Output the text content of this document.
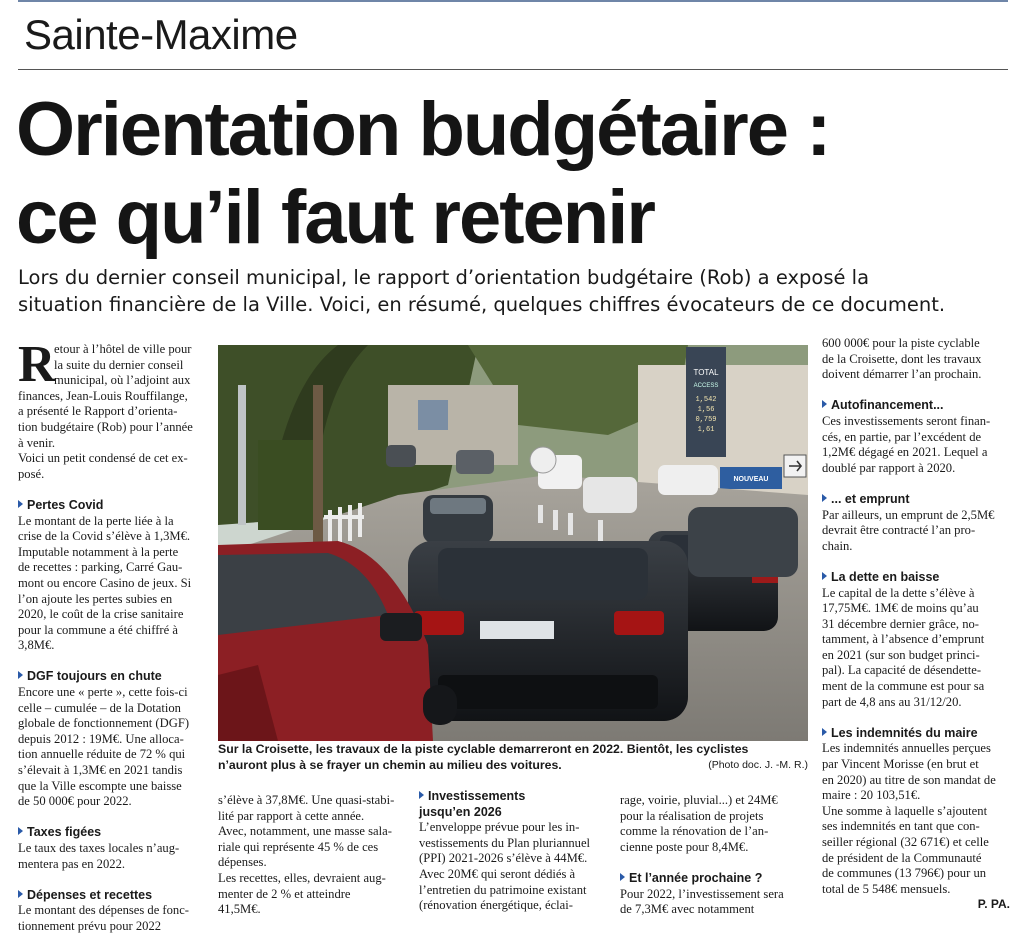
Sainte-Maxime
Orientation budgétaire :
ce qu’il faut retenir

Lors du dernier conseil municipal, le rapport d’orientation budgétaire (Rob) a exposé la
situation financière de la Ville. Voici, en résumé, quelques chiffres évocateurs de ce document.

R
etour à l’hôtel de ville pour
la suite du dernier conseil
municipal, où l’adjoint aux
finances, Jean-Louis Rouffilange,
a présenté le Rapport d’orienta-
tion budgétaire (Rob) pour l’année
à venir.
Voici un petit condensé de cet ex-
posé.
Pertes Covid
Le montant de la perte liée à la
crise de la Covid s’élève à 1,3M€.
Imputable notamment à la perte
de recettes : parking, Carré Gau-
mont ou encore Casino de jeux. Si
l’on ajoute les pertes subies en
2020, le coût de la crise sanitaire
pour la commune a été chiffré à
3,8M€.
DGF toujours en chute
Encore une « perte », cette fois-ci
celle – cumulée – de la Dotation
globale de fonctionnement (DGF)
depuis 2012 : 19M€. Une alloca-
tion annuelle réduite de 72 % qui
s’élevait à 1,3M€ en 2021 tandis
que la Ville escompte une baisse
de 50 000€ pour 2022.
Taxes figées
Le taux des taxes locales n’aug-
mentera pas en 2022.
Dépenses et recettes
Le montant des dépenses de fonc-
tionnement prévu pour 2022
TOTAL
ACCESS
1,542
1,56
0,759
1,61
NOUVEAU
Sur la Croisette, les travaux de la piste cyclable demarreront en 2022. Bientôt, les cyclistes
n’auront plus à se frayer un chemin au milieu des voitures.	(Photo doc. J. -M. R.)
s’élève à 37,8M€. Une quasi-stabi-
lité par rapport à cette année.
Avec, notamment, une masse sala-
riale qui représente 45 % de ces
dépenses.
Les recettes, elles, devraient aug-
menter de 2 % et atteindre
41,5M€.
Investissements
jusqu’en 2026
L’enveloppe prévue pour les in-
vestissements du Plan pluriannuel
(PPI) 2021-2026 s’élève à 44M€.
Avec 20M€ qui seront dédiés à
l’entretien du patrimoine existant
(rénovation énergétique, éclai-
rage, voirie, pluvial...) et 24M€
pour la réalisation de projets
comme la rénovation de l’an-
cienne poste pour 8,4M€.
Et l’année prochaine ?
Pour 2022, l’investissement sera
de 7,3M€ avec notamment
600 000€ pour la piste cyclable
de la Croisette, dont les travaux
doivent démarrer l’an prochain.
Autofinancement...
Ces investissements seront finan-
cés, en partie, par l’excédent de
1,2M€ dégagé en 2021. Lequel a
doublé par rapport à 2020.
... et emprunt
Par ailleurs, un emprunt de 2,5M€
devrait être contracté l’an pro-
chain.
La dette en baisse
Le capital de la dette s’élève à
17,75M€. 1M€ de moins qu’au
31 décembre dernier grâce, no-
tamment, à l’absence d’emprunt
en 2021 (sur son budget princi-
pal). La capacité de désendette-
ment de la commune est pour sa
part de 4,8 ans au 31/12/20.
Les indemnités du maire
Les indemnités annuelles perçues
par Vincent Morisse (en brut et
en 2020) au titre de son mandat de
maire : 20 103,51€.
Une somme à laquelle s’ajoutent
ses indemnités en tant que con-
seiller régional (32 671€) et celle
de président de la Communauté
de communes (13 796€) pour un
total de 5 548€ mensuels.
P. PA.
